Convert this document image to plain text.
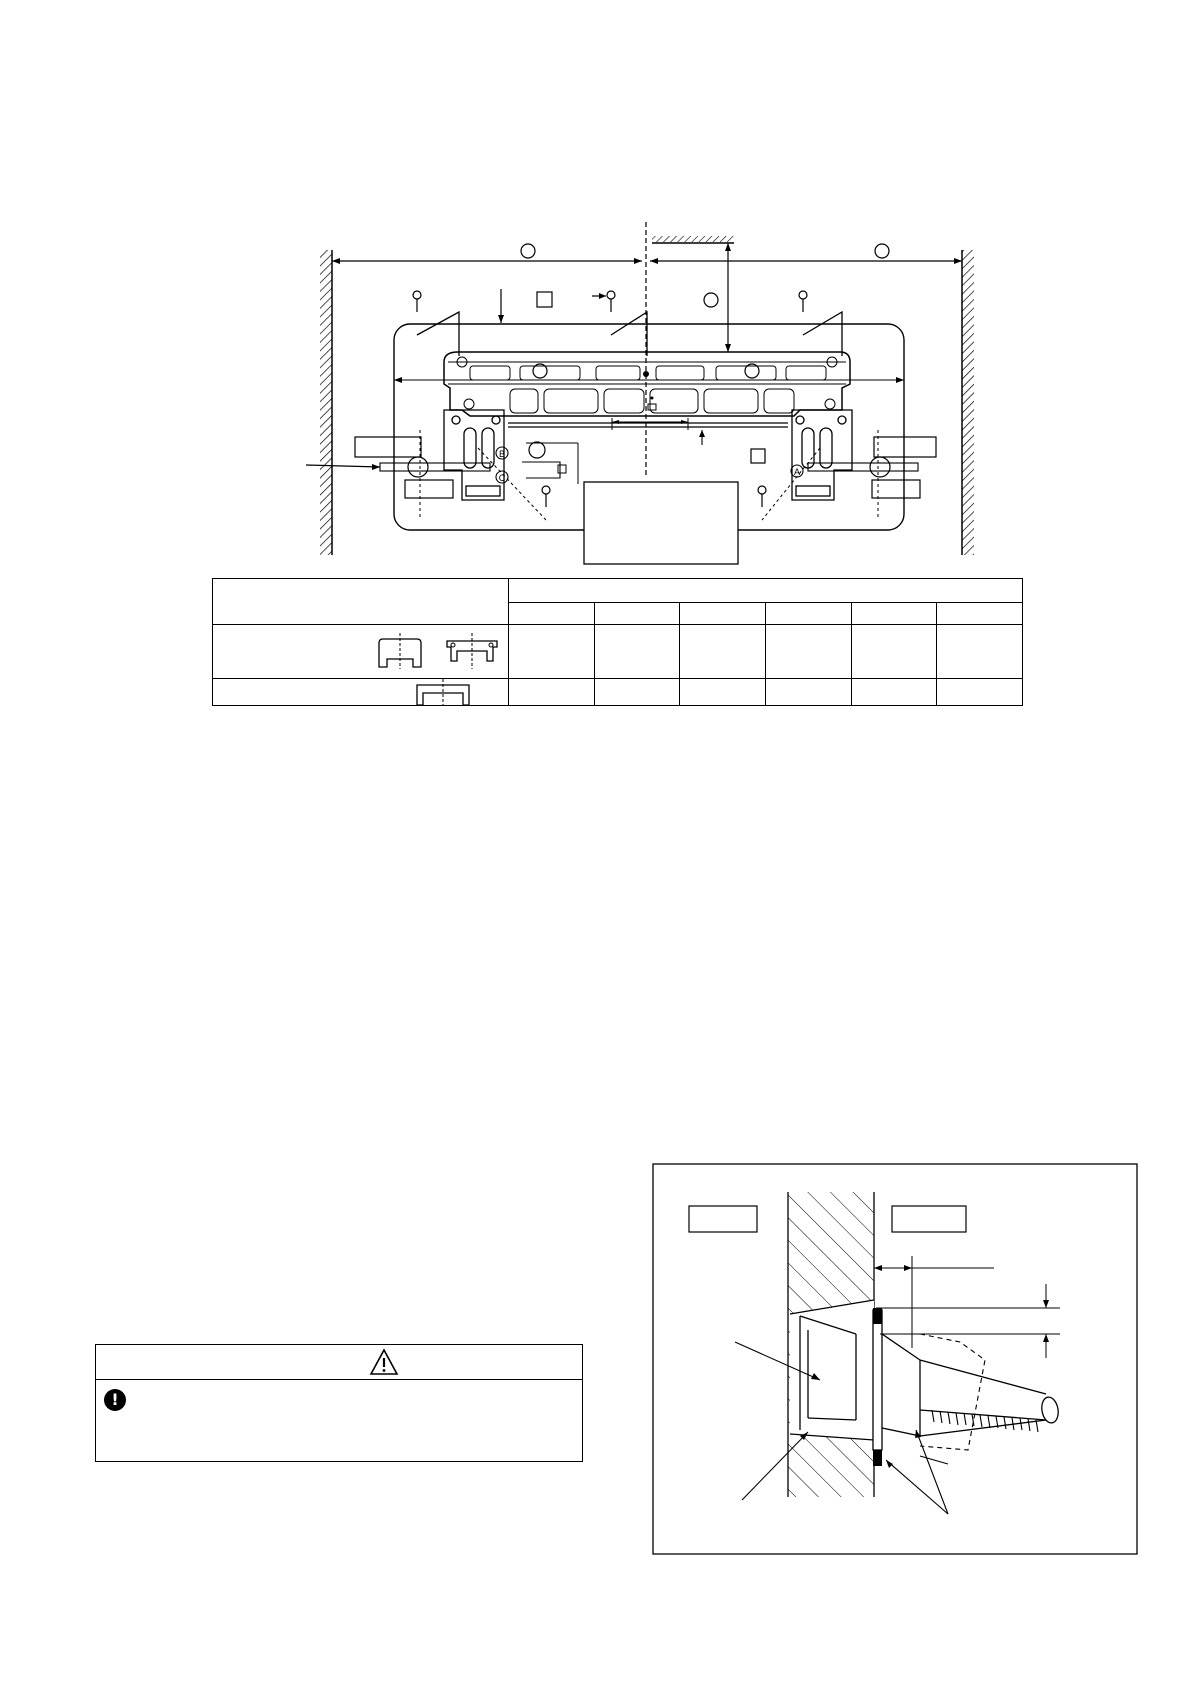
B
C
A

!
